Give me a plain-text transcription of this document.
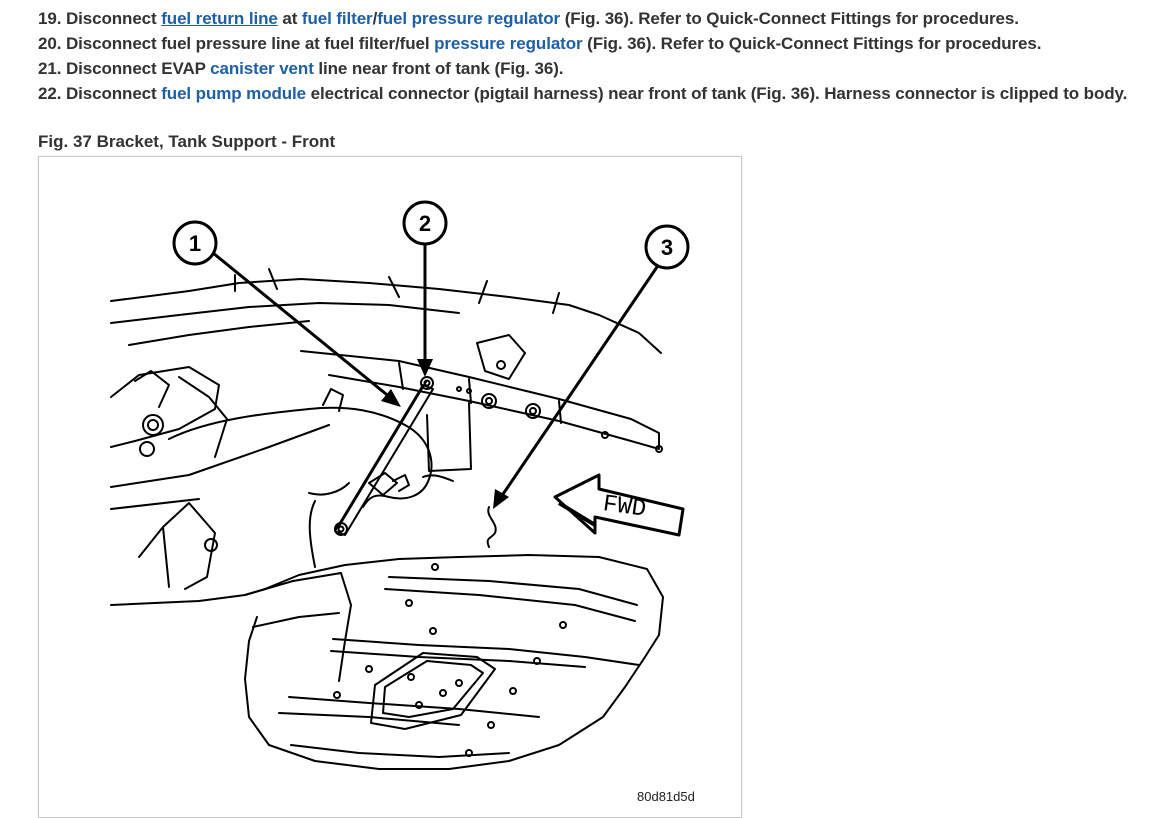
19. Disconnect fuel return line at fuel filter/fuel pressure regulator (Fig. 36). Refer to Quick-Connect Fittings for procedures.
20. Disconnect fuel pressure line at fuel filter/fuel pressure regulator (Fig. 36). Refer to Quick-Connect Fittings for procedures.
21. Disconnect EVAP canister vent line near front of tank (Fig. 36).
22. Disconnect fuel pump module electrical connector (pigtail harness) near front of tank (Fig. 36). Harness connector is clipped to body.
Fig. 37 Bracket, Tank Support - Front
1
2
3
FWD
80d81d5d
